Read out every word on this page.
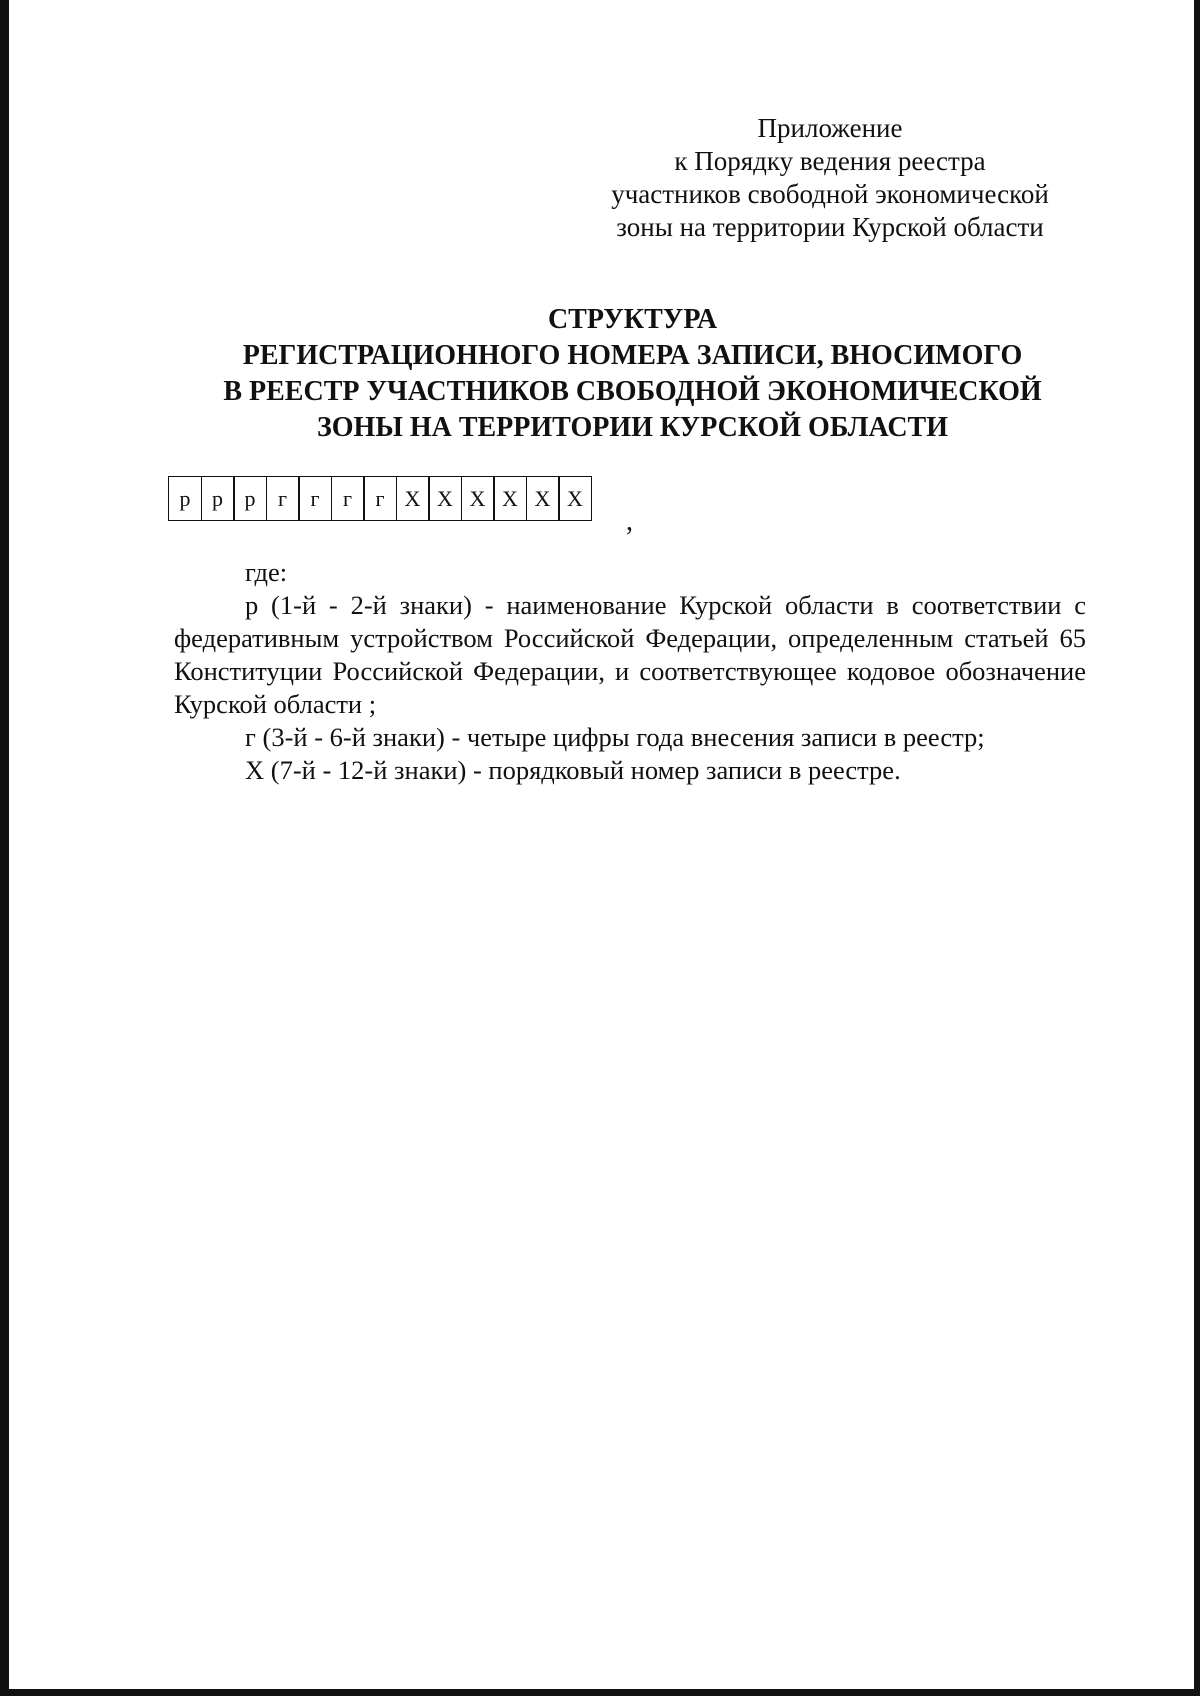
Приложение
к Порядку ведения реестра
участников свободной экономической
зоны на территории Курской области
СТРУКТУРА
РЕГИСТРАЦИОННОГО НОМЕРА ЗАПИСИ, ВНОСИМОГО
В РЕЕСТР УЧАСТНИКОВ СВОБОДНОЙ ЭКОНОМИЧЕСКОЙ
ЗОНЫ НА ТЕРРИТОРИИ КУРСКОЙ ОБЛАСТИ
р р р	г	г	г	г X X X X X X
,

где:

р (1-й - 2-й знаки) - наименование Курской области в соответствии с федеративным устройством Российской Федерации, определенным статьей 65 Конституции Российской Федерации, и соответствующее кодовое обозначение Курской области ;

г (3-й - 6-й знаки) - четыре цифры года внесения записи в реестр;

X (7-й - 12-й знаки) - порядковый номер записи в реестре.
